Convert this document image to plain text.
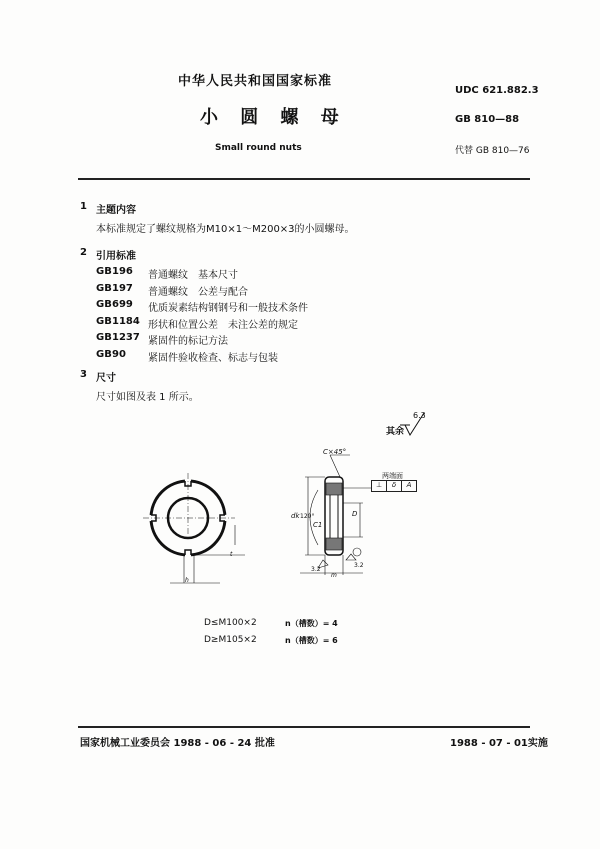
中华人民共和国国家标准
小 圆 螺 母
Small round nuts
UDC 621.882.3
GB 810—88
代替 GB 810—76
1 主题内容
本标准规定了螺纹规格为M10×1～M200×3的小圆螺母。
2 引用标准
GB 196 普通螺纹　基本尺寸
GB 197 普通螺纹　公差与配合
GB 699 优质炭素结构钢钢号和一般技术条件
GB 1184 形状和位置公差　未注公差的规定
GB 1237 紧固件的标记方法
GB 90 紧固件验收检查、标志与包装
3 尺寸
尺寸如图及表 1 所示。
其余
6.3
C×45°
两端面
⊥	δ	A
120°
dk	D
C1
m
h
t
3.2
3.2
D≤M100×2	n（槽数）= 4
D≥M105×2	n（槽数）= 6
国家机械工业委员会 1988 - 06 - 24 批准	1988 - 07 - 01实施
